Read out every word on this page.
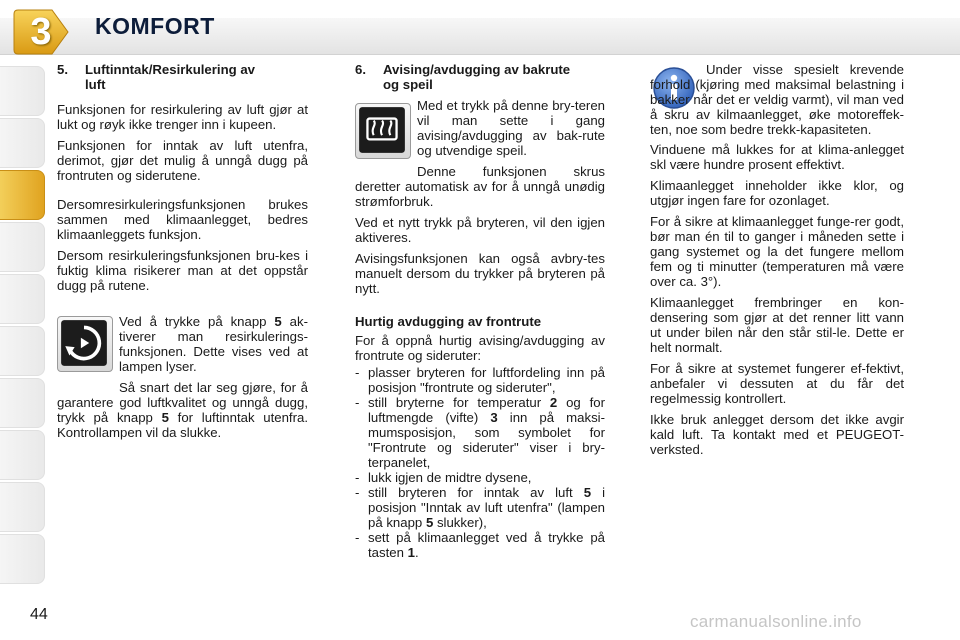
3	KOMFORT
5. Luftinntak/Resirkulering av
luft

Funksjonen for resirkulering av luft gjør at lukt og røyk ikke trenger inn i kupeen.

Funksjonen for inntak av luft utenfra, derimot, gjør det mulig å unngå dugg på frontruten og siderutene.

Dersomresirkuleringsfunksjonen brukes sammen med klimaanlegget, bedres klimaanleggets funksjon.

Dersom resirkuleringsfunksjonen bru-kes i fuktig klima risikerer man at det oppstår dugg på rutene.

Ved å trykke på knapp 5 ak-tiverer man resirkulerings-funksjonen. Dette vises ved at lampen lyser.

Så snart det lar seg gjøre, for å garantere god luftkvalitet og unngå dugg, trykk på knapp 5 for luftinntak utenfra. Kontrollampen vil da slukke.

6. Avising/avdugging av bakrute
og speil

Med et trykk på denne bry-teren vil man sette i gang avising/avdugging av bak-rute og utvendige speil.

Denne funksjonen skrus deretter automatisk av for å unngå unødig strømforbruk.

Ved et nytt trykk på bryteren, vil den igjen aktiveres.

Avisingsfunksjonen kan også avbry-tes manuelt dersom du trykker på bryteren på nytt.

Hurtig avdugging av frontrute

For å oppnå hurtig avising/avdugging av frontrute og sideruter:

- plasser bryteren for luftfordeling inn på posisjon "frontrute og sideruter",
- still bryterne for temperatur 2 og for luftmengde (vifte) 3 inn på maksi-mumsposisjon, som symbolet for "Frontrute og sideruter" viser i bry-terpanelet,
- lukk igjen de midtre dysene,
- still bryteren for inntak av luft 5 i posisjon "Inntak av luft utenfra" (lampen på knapp 5 slukker),
- sett på klimaanlegget ved å trykke på tasten 1.

Under visse spesielt krevende forhold (kjøring med maksimal belastning i bakker når det er veldig varmt), vil man ved å skru av kilmaanlegget, øke motoreffek-ten, noe som bedre trekk-kapasiteten.

Vinduene må lukkes for at klima-anlegget skl være hundre prosent effektivt.

Klimaanlegget inneholder ikke klor, og utgjør ingen fare for ozonlaget.

For å sikre at klimaanlegget funge-rer godt, bør man én til to ganger i måneden sette i gang systemet og la det fungere mellom fem og ti minutter (temperaturen må være over ca. 3°).

Klimaanlegget frembringer en kon-densering som gjør at det renner litt vann ut under bilen når den står stil-le. Dette er helt normalt.

For å sikre at systemet fungerer ef-fektivt, anbefaler vi dessuten at du får det regelmessig kontrollert.

Ikke bruk anlegget dersom det ikke avgir kald luft. Ta kontakt med et PEUGEOT-verksted.

44	carmanualsonline.info
